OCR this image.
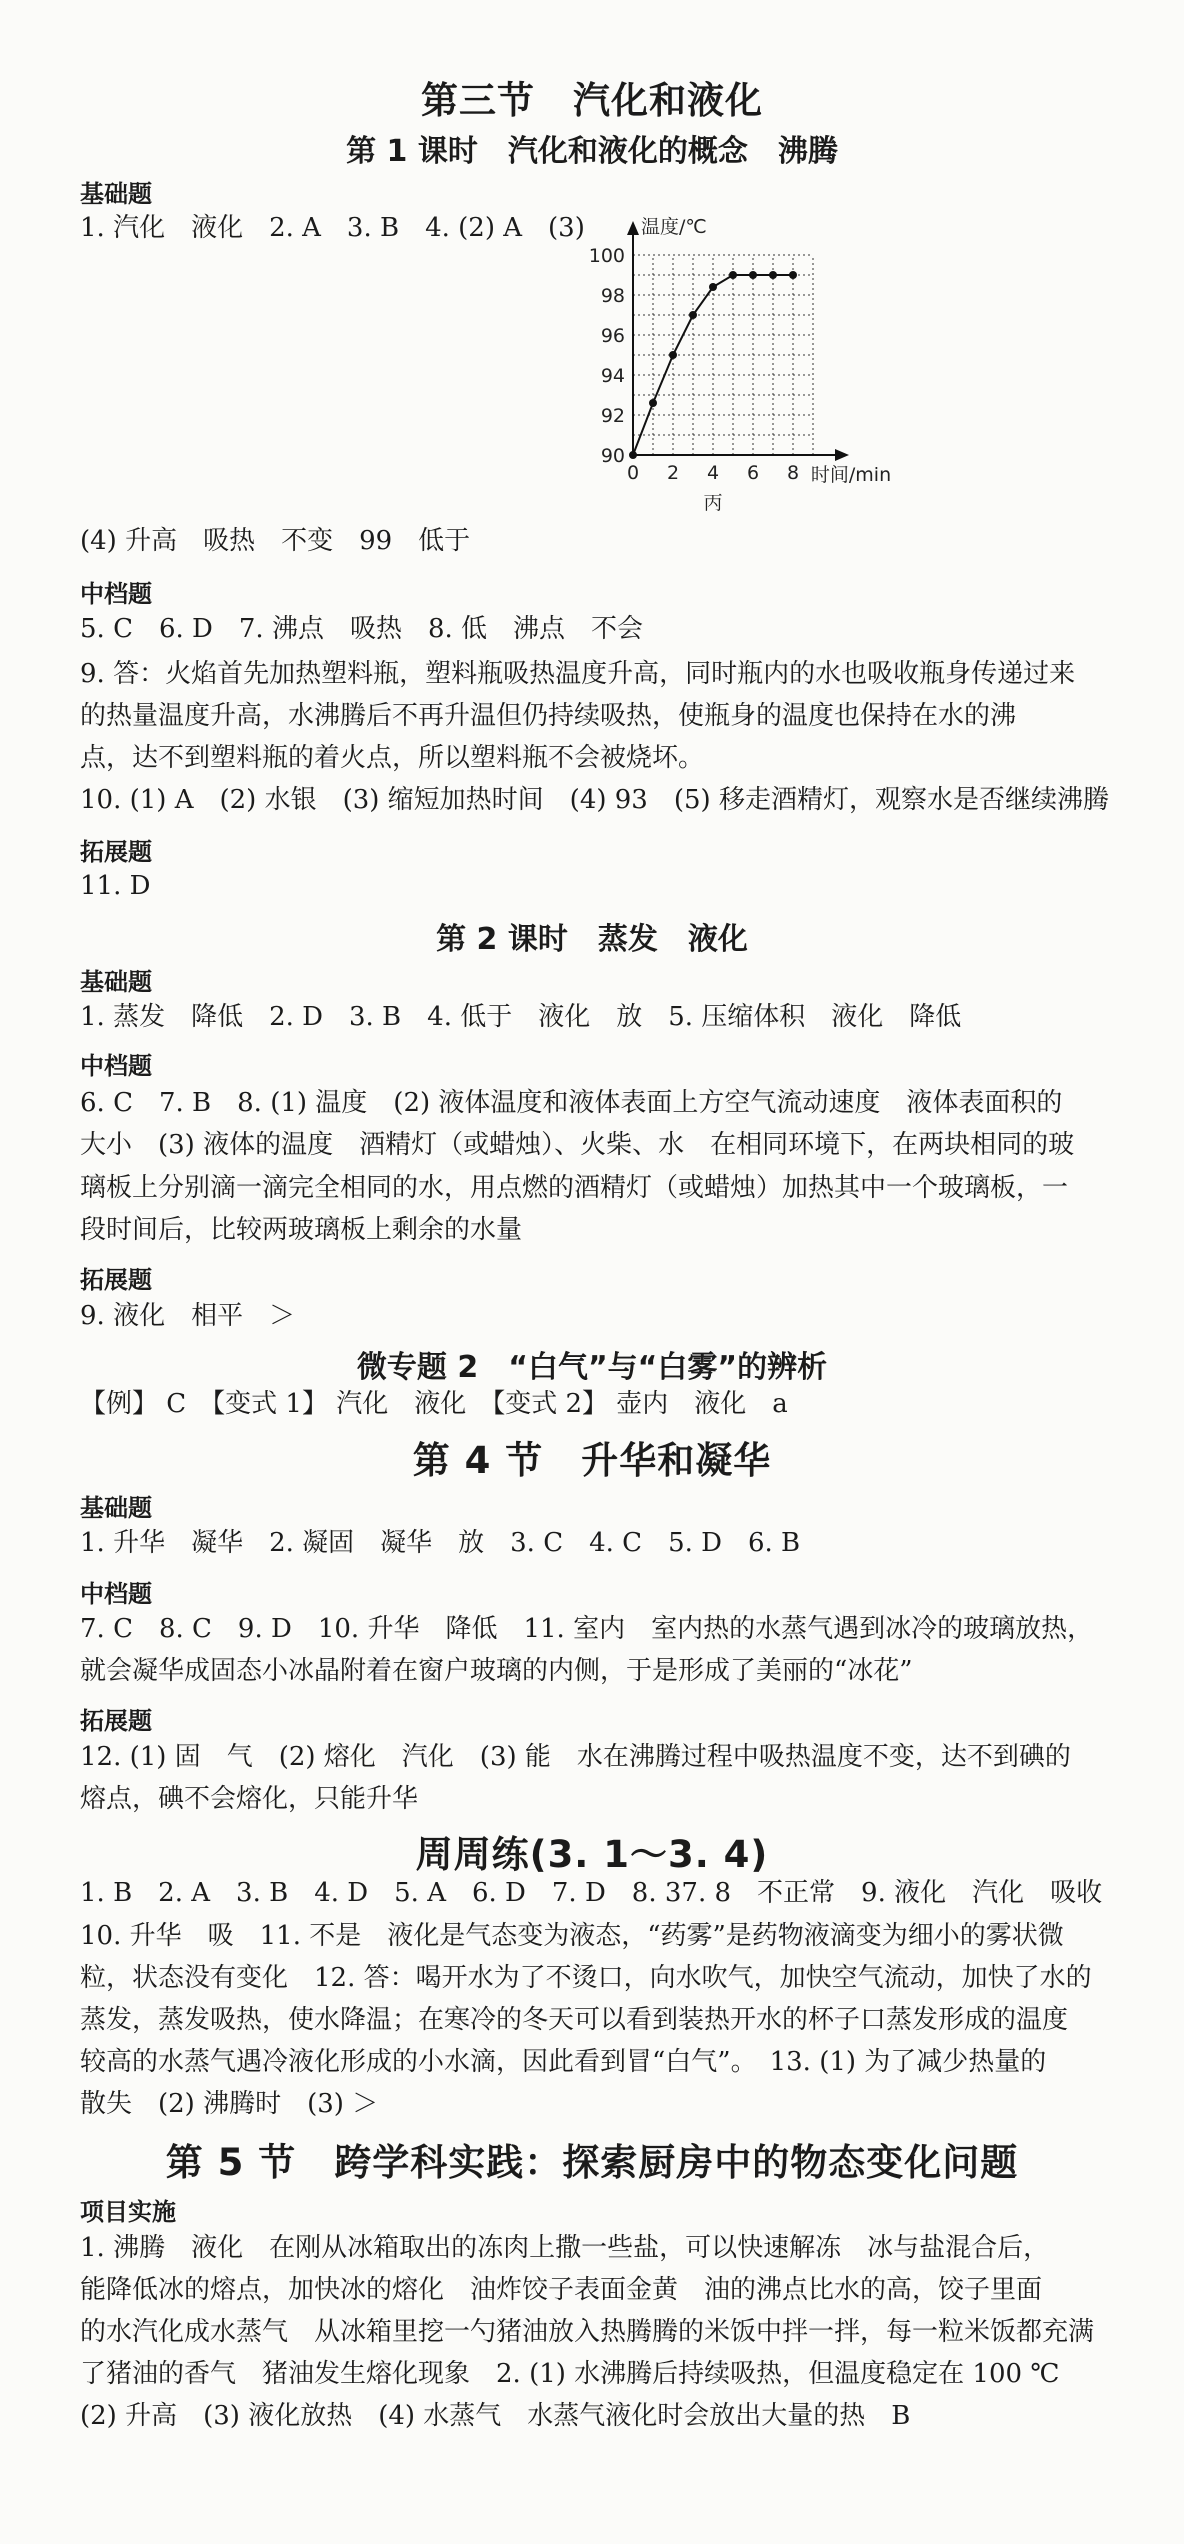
第三节　汽化和液化
第 1 课时　汽化和液化的概念　沸腾
基础题
1. 汽化　液化　2. A　3. B　4. (2) A　(3)
90
92
94
96
98
100
0 2 4 6 8
温度/℃
时间/min
丙
(4) 升高　吸热　不变　99　低于
中档题
5. C　6. D　7. 沸点　吸热　8. 低　沸点　不会
9. 答：火焰首先加热塑料瓶，塑料瓶吸热温度升高，同时瓶内的水也吸收瓶身传递过来
的热量温度升高，水沸腾后不再升温但仍持续吸热，使瓶身的温度也保持在水的沸
点，达不到塑料瓶的着火点，所以塑料瓶不会被烧坏。
10. (1) A　(2) 水银　(3) 缩短加热时间　(4) 93　(5) 移走酒精灯，观察水是否继续沸腾
拓展题
11. D
第 2 课时　蒸发　液化
基础题
1. 蒸发　降低　2. D　3. B　4. 低于　液化　放　5. 压缩体积　液化　降低
中档题
6. C　7. B　8. (1) 温度　(2) 液体温度和液体表面上方空气流动速度　液体表面积的
大小　(3) 液体的温度　酒精灯（或蜡烛）、火柴、水　在相同环境下，在两块相同的玻
璃板上分别滴一滴完全相同的水，用点燃的酒精灯（或蜡烛）加热其中一个玻璃板，一
段时间后，比较两玻璃板上剩余的水量
拓展题
9. 液化　相平　＞
微专题 2　“白气”与“白雾”的辨析
【例】 C　【变式 1】 汽化　液化　【变式 2】 壶内　液化　a
第 4 节　升华和凝华
基础题
1. 升华　凝华　2. 凝固　凝华　放　3. C　4. C　5. D　6. B
中档题
7. C　8. C　9. D　10. 升华　降低　11. 室内　室内热的水蒸气遇到冰冷的玻璃放热，
就会凝华成固态小冰晶附着在窗户玻璃的内侧，于是形成了美丽的“冰花”
拓展题
12. (1) 固　气　(2) 熔化　汽化　(3) 能　水在沸腾过程中吸热温度不变，达不到碘的
熔点，碘不会熔化，只能升华
周周练(3. 1～3. 4)
1. B　2. A　3. B　4. D　5. A　6. D　7. D　8. 37. 8　不正常　9. 液化　汽化　吸收
10. 升华　吸　11. 不是　液化是气态变为液态，“药雾”是药物液滴变为细小的雾状微
粒，状态没有变化　12. 答：喝开水为了不烫口，向水吹气，加快空气流动，加快了水的
蒸发，蒸发吸热，使水降温；在寒冷的冬天可以看到装热开水的杯子口蒸发形成的温度
较高的水蒸气遇冷液化形成的小水滴，因此看到冒“白气”。　13. (1) 为了减少热量的
散失　(2) 沸腾时　(3) ＞
第 5 节　跨学科实践：探索厨房中的物态变化问题
项目实施
1. 沸腾　液化　在刚从冰箱取出的冻肉上撒一些盐，可以快速解冻　冰与盐混合后，
能降低冰的熔点，加快冰的熔化　油炸饺子表面金黄　油的沸点比水的高，饺子里面
的水汽化成水蒸气　从冰箱里挖一勺猪油放入热腾腾的米饭中拌一拌，每一粒米饭都充满
了猪油的香气　猪油发生熔化现象　2. (1) 水沸腾后持续吸热，但温度稳定在 100 ℃
(2) 升高　(3) 液化放热　(4) 水蒸气　水蒸气液化时会放出大量的热　B
